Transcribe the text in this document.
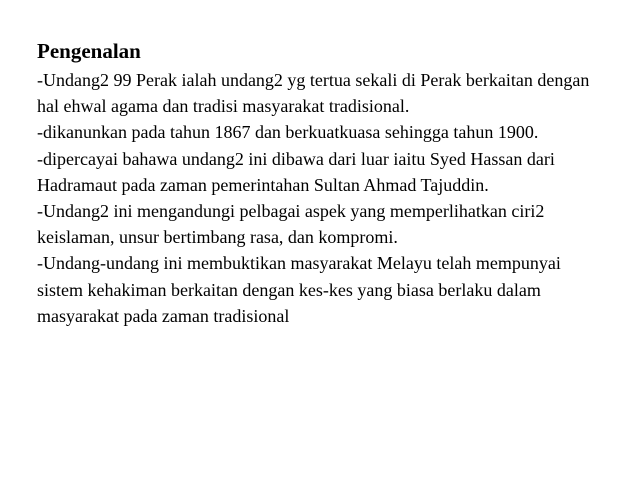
Pengenalan

-Undang2 99 Perak ialah undang2 yg tertua sekali di Perak berkaitan dengan hal ehwal agama dan tradisi masyarakat tradisional.

-dikanunkan pada tahun 1867 dan berkuatkuasa sehingga tahun 1900.

-dipercayai bahawa undang2 ini dibawa dari luar iaitu Syed Hassan dari Hadramaut pada zaman pemerintahan Sultan Ahmad Tajuddin.

-Undang2 ini mengandungi pelbagai aspek yang memperlihatkan ciri2 keislaman, unsur bertimbang rasa, dan kompromi.

-Undang-undang ini membuktikan masyarakat Melayu telah mempunyai sistem kehakiman berkaitan dengan kes-kes yang biasa berlaku dalam masyarakat pada zaman tradisional
